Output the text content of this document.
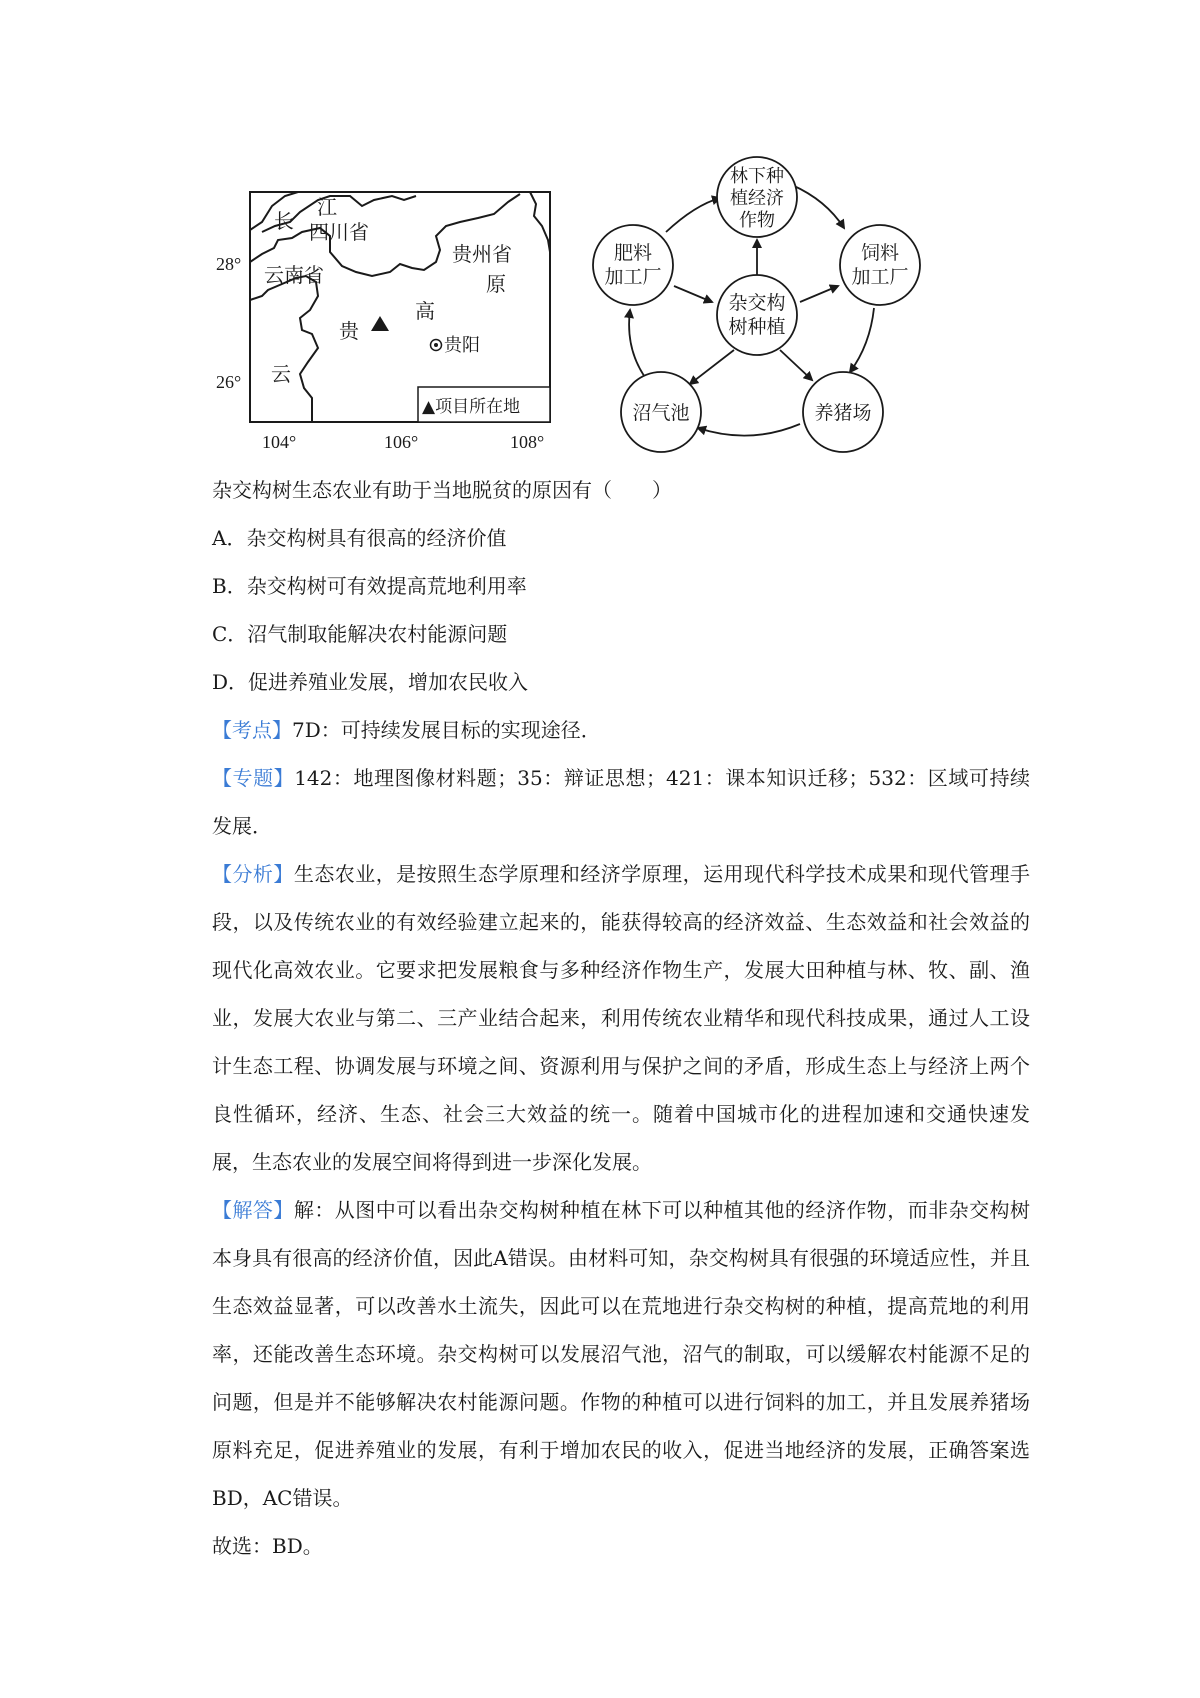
江
长 四川省
贵州省
原
云南省
高
贵
贵阳
云
▲项目所在地
28°
26°
104°	106°	108°
林下种
植经济
作物
肥料
加工厂
杂交构
树种植
饲料
加工厂
沼气池	养猪场

杂交构树生态农业有助于当地脱贫的原因有（　　）

A．杂交构树具有很高的经济价值

B．杂交构树可有效提高荒地利用率

C．沼气制取能解决农村能源问题

D．促进养殖业发展，增加农民收入

【考点】7D：可持续发展目标的实现途径．

【专题】142：地理图像材料题；35：辩证思想；421：课本知识迁移；532：区域可持续发展．

【分析】生态农业，是按照生态学原理和经济学原理，运用现代科学技术成果和现代管理手段，以及传统农业的有效经验建立起来的，能获得较高的经济效益、生态效益和社会效益的现代化高效农业。它要求把发展粮食与多种经济作物生产，发展大田种植与林、牧、副、渔业，发展大农业与第二、三产业结合起来，利用传统农业精华和现代科技成果，通过人工设计生态工程、协调发展与环境之间、资源利用与保护之间的矛盾，形成生态上与经济上两个良性循环，经济、生态、社会三大效益的统一。随着中国城市化的进程加速和交通快速发展，生态农业的发展空间将得到进一步深化发展。

【解答】解：从图中可以看出杂交构树种植在林下可以种植其他的经济作物，而非杂交构树本身具有很高的经济价值，因此A错误。由材料可知，杂交构树具有很强的环境适应性，并且生态效益显著，可以改善水土流失，因此可以在荒地进行杂交构树的种植，提高荒地的利用率，还能改善生态环境。杂交构树可以发展沼气池，沼气的制取，可以缓解农村能源不足的问题，但是并不能够解决农村能源问题。作物的种植可以进行饲料的加工，并且发展养猪场原料充足，促进养殖业的发展，有利于增加农民的收入，促进当地经济的发展，正确答案选BD，AC错误。

故选：BD。
